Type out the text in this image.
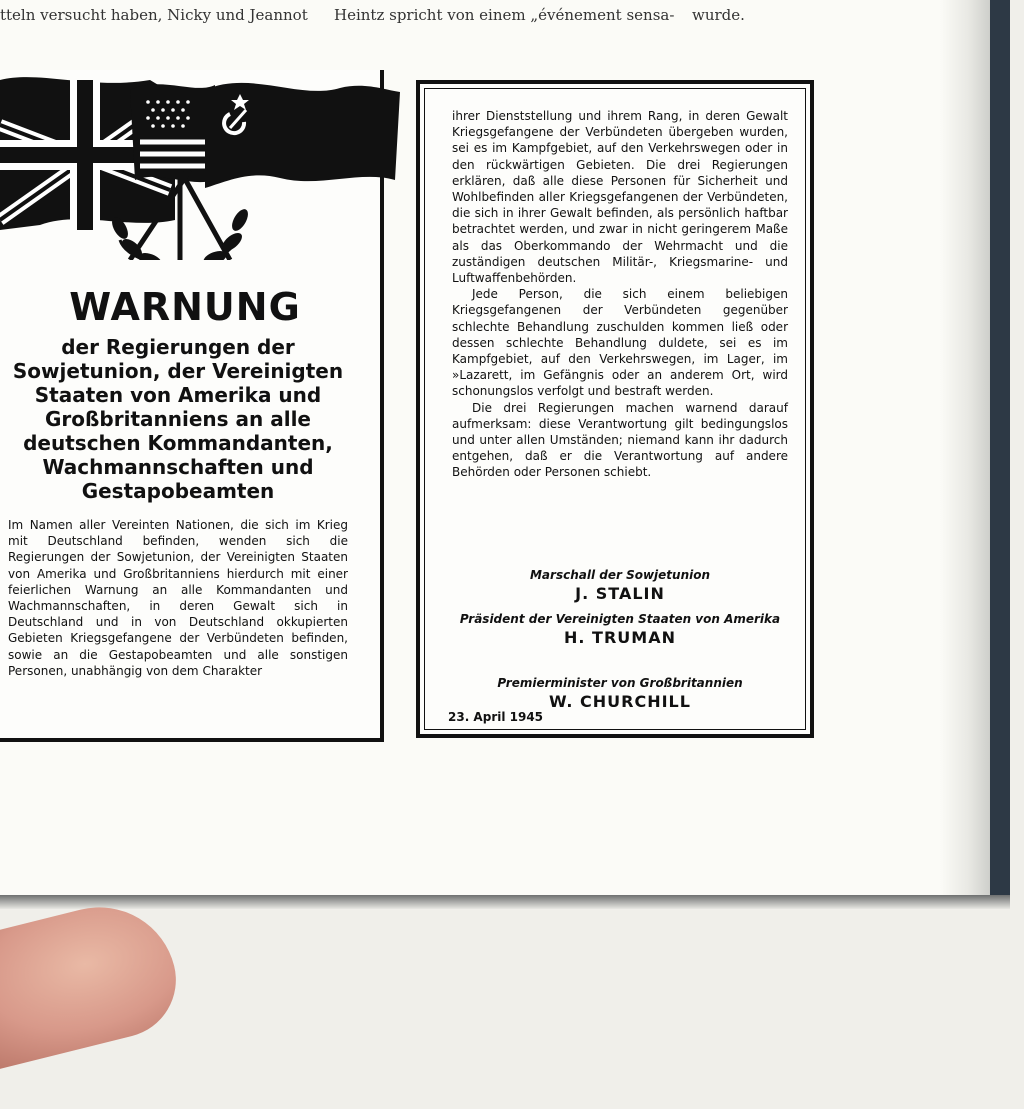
tteln versucht haben, Nicky und Jeannot Heintz spricht von einem „événement sensa- wurde.
WARNUNG
der Regierungen der Sowjetunion, der Vereinigten Staaten von Amerika und Großbritanniens an alle deutschen Kommandanten, Wachmannschaften und Gestapobeamten

Im Namen aller Vereinten Nationen, die sich im Krieg mit Deutschland befinden, wenden sich die Regierungen der Sowjetunion, der Vereinigten Staaten von Amerika und Großbritanniens hierdurch mit einer feierlichen Warnung an alle Kommandanten und Wachmannschaften, in deren Gewalt sich in Deutschland und in von Deutschland okkupierten Gebieten Kriegsgefangene der Verbündeten befinden, sowie an die Gestapobeamten und alle sonstigen Personen, unabhängig von dem Charakter

ihrer Dienststellung und ihrem Rang, in deren Gewalt Kriegsgefangene der Verbündeten übergeben wurden, sei es im Kampfgebiet, auf den Verkehrswegen oder in den rückwärtigen Gebieten. Die drei Regierungen erklären, daß alle diese Personen für Sicherheit und Wohlbefinden aller Kriegsgefangenen der Verbündeten, die sich in ihrer Gewalt befinden, als persönlich haftbar betrachtet werden, und zwar in nicht geringerem Maße als das Oberkommando der Wehrmacht und die zuständigen deutschen Militär-, Kriegsmarine- und Luftwaffenbehörden.

Jede Person, die sich einem beliebigen Kriegsgefangenen der Verbündeten gegenüber schlechte Behandlung zuschulden kommen ließ oder dessen schlechte Behandlung duldete, sei es im Kampfgebiet, auf den Verkehrswegen, im Lager, im »Lazarett, im Gefängnis oder an anderem Ort, wird schonungslos verfolgt und bestraft werden.

Die drei Regierungen machen warnend darauf aufmerksam: diese Verantwortung gilt bedingungslos und unter allen Umständen; niemand kann ihr dadurch entgehen, daß er die Verantwortung auf andere Behörden oder Personen schiebt.

Marschall der Sowjetunion
J. STALIN
Präsident der Vereinigten Staaten von Amerika
H. TRUMAN
Premierminister von Großbritannien
W. CHURCHILL
23. April 1945
